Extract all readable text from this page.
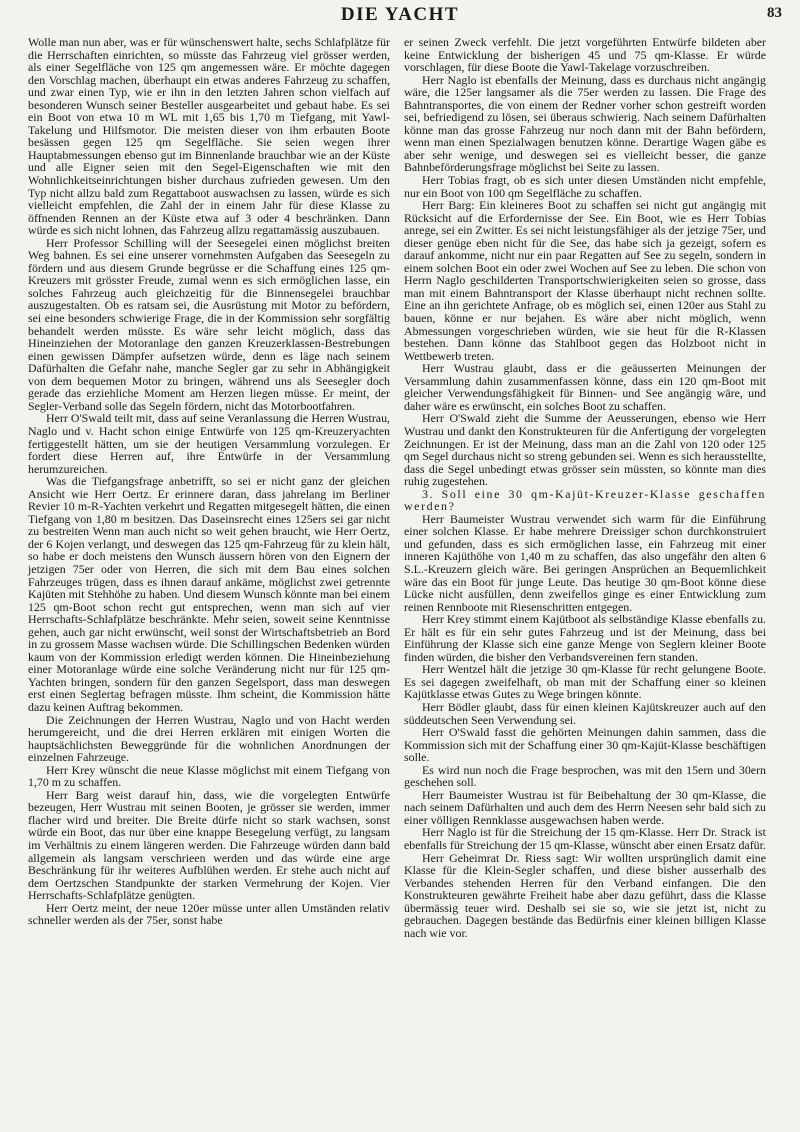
DIE YACHT	83

Wolle man nun aber, was er für wünschenswert halte, sechs Schlafplätze für die Herrschaften einrichten, so müsste das Fahrzeug viel grösser werden, als einer Segelfläche von 125 qm angemessen wäre. Er möchte dagegen den Vorschlag machen, überhaupt ein etwas anderes Fahrzeug zu schaffen, und zwar einen Typ, wie er ihn in den letzten Jahren schon vielfach auf besonderen Wunsch seiner Besteller ausgearbeitet und gebaut habe. Es sei ein Boot von etwa 10 m WL mit 1,65 bis 1,70 m Tiefgang, mit Yawl-Takelung und Hilfsmotor. Die meisten dieser von ihm erbauten Boote besässen gegen 125 qm Segelfläche. Sie seien wegen ihrer Hauptabmessungen ebenso gut im Binnenlande brauchbar wie an der Küste und alle Eigner seien mit den Segel-Eigenschaften wie mit den Wohnlichkeitseinrichtungen bisher durchaus zufrieden gewesen. Um den Typ nicht allzu bald zum Regattaboot auswachsen zu lassen, würde es sich vielleicht empfehlen, die Zahl der in einem Jahr für diese Klasse zu öffnenden Rennen an der Küste etwa auf 3 oder 4 beschränken. Dann würde es sich nicht lohnen, das Fahrzeug allzu regattamässig auszubauen.

Herr Professor Schilling will der Seesegelei einen möglichst breiten Weg bahnen. Es sei eine unserer vornehmsten Aufgaben das Seesegeln zu fördern und aus diesem Grunde begrüsse er die Schaffung eines 125 qm-Kreuzers mit grösster Freude, zumal wenn es sich ermöglichen lasse, ein solches Fahrzeug auch gleichzeitig für die Binnensegelei brauchbar auszugestalten. Ob es ratsam sei, die Ausrüstung mit Motor zu befördern, sei eine besonders schwierige Frage, die in der Kommission sehr sorgfältig behandelt werden müsste. Es wäre sehr leicht möglich, dass das Hineinziehen der Motoranlage den ganzen Kreuzerklassen-Bestrebungen einen gewissen Dämpfer aufsetzen würde, denn es läge nach seinem Dafürhalten die Gefahr nahe, manche Segler gar zu sehr in Abhängigkeit von dem bequemen Motor zu bringen, während uns als Seesegler doch gerade das erziehliche Moment am Herzen liegen müsse. Er meint, der Segler-Verband solle das Segeln fördern, nicht das Motorbootfahren.

Herr O'Swald teilt mit, dass auf seine Veranlassung die Herren Wustrau, Naglo und v. Hacht schon einige Entwürfe von 125 qm-Kreuzeryachten fertiggestellt hätten, um sie der heutigen Versammlung vorzulegen. Er fordert diese Herren auf, ihre Entwürfe in der Versammlung herumzureichen.

Was die Tiefgangsfrage anbetrifft, so sei er nicht ganz der gleichen Ansicht wie Herr Oertz. Er erinnere daran, dass jahrelang im Berliner Revier 10 m-R-Yachten verkehrt und Regatten mitgesegelt hätten, die einen Tiefgang von 1,80 m besitzen. Das Daseinsrecht eines 125ers sei gar nicht zu bestreiten Wenn man auch nicht so weit gehen braucht, wie Herr Oertz, der 6 Kojen verlangt, und deswegen das 125 qm-Fahrzeug für zu klein hält, so habe er doch meistens den Wunsch äussern hören von den Eignern der jetzigen 75er oder von Herren, die sich mit dem Bau eines solchen Fahrzeuges trügen, dass es ihnen darauf ankäme, möglichst zwei getrennte Kajüten mit Stehhöhe zu haben. Und diesem Wunsch könnte man bei einem 125 qm-Boot schon recht gut entsprechen, wenn man sich auf vier Herrschafts-Schlafplätze beschränkte. Mehr seien, soweit seine Kenntnisse gehen, auch gar nicht erwünscht, weil sonst der Wirtschaftsbetrieb an Bord in zu grossem Masse wachsen würde. Die Schillingschen Bedenken würden kaum von der Kommission erledigt werden können. Die Hineinbeziehung einer Motoranlage würde eine solche Veränderung nicht nur für 125 qm-Yachten bringen, sondern für den ganzen Segelsport, dass man deswegen erst einen Seglertag befragen müsste. Ihm scheint, die Kommission hätte dazu keinen Auftrag bekommen.

Die Zeichnungen der Herren Wustrau, Naglo und von Hacht werden herumgereicht, und die drei Herren erklären mit einigen Worten die hauptsächlichsten Beweggründe für die wohnlichen Anordnungen der einzelnen Fahrzeuge.

Herr Krey wünscht die neue Klasse möglichst mit einem Tiefgang von 1,70 m zu schaffen.

Herr Barg weist darauf hin, dass, wie die vorgelegten Entwürfe bezeugen, Herr Wustrau mit seinen Booten, je grösser sie werden, immer flacher wird und breiter. Die Breite dürfe nicht so stark wachsen, sonst würde ein Boot, das nur über eine knappe Besegelung verfügt, zu langsam im Verhältnis zu einem längeren werden. Die Fahrzeuge würden dann bald allgemein als langsam verschrieen werden und das würde eine arge Beschränkung für ihr weiteres Aufblühen werden. Er stehe auch nicht auf dem Oertzschen Standpunkte der starken Vermehrung der Kojen. Vier Herrschafts-Schlafplätze genügten.

Herr Oertz meint, der neue 120er müsse unter allen Umständen relativ schneller werden als der 75er, sonst habe

er seinen Zweck verfehlt. Die jetzt vorgeführten Entwürfe bildeten aber keine Entwicklung der bisherigen 45 und 75 qm-Klasse. Er würde vorschlagen, für diese Boote die Yawl-Takelage vorzuschreiben.

Herr Naglo ist ebenfalls der Meinung, dass es durchaus nicht angängig wäre, die 125er langsamer als die 75er werden zu lassen. Die Frage des Bahntransportes, die von einem der Redner vorher schon gestreift worden sei, befriedigend zu lösen, sei überaus schwierig. Nach seinem Dafürhalten könne man das grosse Fahrzeug nur noch dann mit der Bahn befördern, wenn man einen Spezialwagen benutzen könne. Derartige Wagen gäbe es aber sehr wenige, und deswegen sei es vielleicht besser, die ganze Bahnbeförderungsfrage möglichst bei Seite zu lassen.

Herr Tobias fragt, ob es sich unter diesen Umständen nicht empfehle, nur ein Boot von 100 qm Segelfläche zu schaffen.

Herr Barg: Ein kleineres Boot zu schaffen sei nicht gut angängig mit Rücksicht auf die Erfordernisse der See. Ein Boot, wie es Herr Tobias anrege, sei ein Zwitter. Es sei nicht leistungsfähiger als der jetzige 75er, und dieser genüge eben nicht für die See, das habe sich ja gezeigt, sofern es darauf ankomme, nicht nur ein paar Regatten auf See zu segeln, sondern in einem solchen Boot ein oder zwei Wochen auf See zu leben. Die schon von Herrn Naglo geschilderten Transportschwierigkeiten seien so grosse, dass man mit einem Bahntransport der Klasse überhaupt nicht rechnen sollte. Eine an ihn gerichtete Anfrage, ob es möglich sei, einen 120er aus Stahl zu bauen, könne er nur bejahen. Es wäre aber nicht möglich, wenn Abmessungen vorgeschrieben würden, wie sie heut für die R-Klassen bestehen. Dann könne das Stahlboot gegen das Holzboot nicht in Wettbewerb treten.

Herr Wustrau glaubt, dass er die geäusserten Meinungen der Versammlung dahin zusammenfassen könne, dass ein 120 qm-Boot mit gleicher Verwendungsfähigkeit für Binnen- und See angängig wäre, und daher wäre es erwünscht, ein solches Boot zu schaffen.

Herr O'Swald zieht die Summe der Aeusserungen, ebenso wie Herr Wustrau und dankt den Konstrukteuren für die Anfertigung der vorgelegten Zeichnungen. Er ist der Meinung, dass man an die Zahl von 120 oder 125 qm Segel durchaus nicht so streng gebunden sei. Wenn es sich herausstellte, dass die Segel unbedingt etwas grösser sein müssten, so könnte man dies ruhig zugestehen.

3. Soll eine 30 qm-Kajüt-Kreuzer-Klasse geschaffen werden?

Herr Baumeister Wustrau verwendet sich warm für die Einführung einer solchen Klasse. Er habe mehrere Dreissiger schon durchkonstruiert und gefunden, dass es sich ermöglichen lasse, ein Fahrzeug mit einer inneren Kajüthöhe von 1,40 m zu schaffen, das also ungefähr den alten 6 S.L.-Kreuzern gleich wäre. Bei geringen Ansprüchen an Bequemlichkeit wäre das ein Boot für junge Leute. Das heutige 30 qm-Boot könne diese Lücke nicht ausfüllen, denn zweifellos ginge es einer Entwicklung zum reinen Rennboote mit Riesenschritten entgegen.

Herr Krey stimmt einem Kajütboot als selbständige Klasse ebenfalls zu. Er hält es für ein sehr gutes Fahrzeug und ist der Meinung, dass bei Einführung der Klasse sich eine ganze Menge von Seglern kleiner Boote finden würden, die bisher den Verbandsvereinen fern standen.

Herr Wentzel hält die jetzige 30 qm-Klasse für recht gelungene Boote. Es sei dagegen zweifelhaft, ob man mit der Schaffung einer so kleinen Kajütklasse etwas Gutes zu Wege bringen könnte.

Herr Bödler glaubt, dass für einen kleinen Kajütskreuzer auch auf den süddeutschen Seen Verwendung sei.

Herr O'Swald fasst die gehörten Meinungen dahin sammen, dass die Kommission sich mit der Schaffung einer 30 qm-Kajüt-Klasse beschäftigen solle.

Es wird nun noch die Frage besprochen, was mit den 15ern und 30ern geschehen soll.

Herr Baumeister Wustrau ist für Beibehaltung der 30 qm-Klasse, die nach seinem Dafürhalten und auch dem des Herrn Neesen sehr bald sich zu einer völligen Rennklasse ausgewachsen haben werde.

Herr Naglo ist für die Streichung der 15 qm-Klasse. Herr Dr. Strack ist ebenfalls für Streichung der 15 qm-Klasse, wünscht aber einen Ersatz dafür.

Herr Geheimrat Dr. Riess sagt: Wir wollten ursprünglich damit eine Klasse für die Klein-Segler schaffen, und diese bisher ausserhalb des Verbandes stehenden Herren für den Verband einfangen. Die den Konstrukteuren gewährte Freiheit habe aber dazu geführt, dass die Klasse übermässig teuer wird. Deshalb sei sie so, wie sie jetzt ist, nicht zu gebrauchen. Dagegen bestände das Bedürfnis einer kleinen billigen Klasse nach wie vor.
